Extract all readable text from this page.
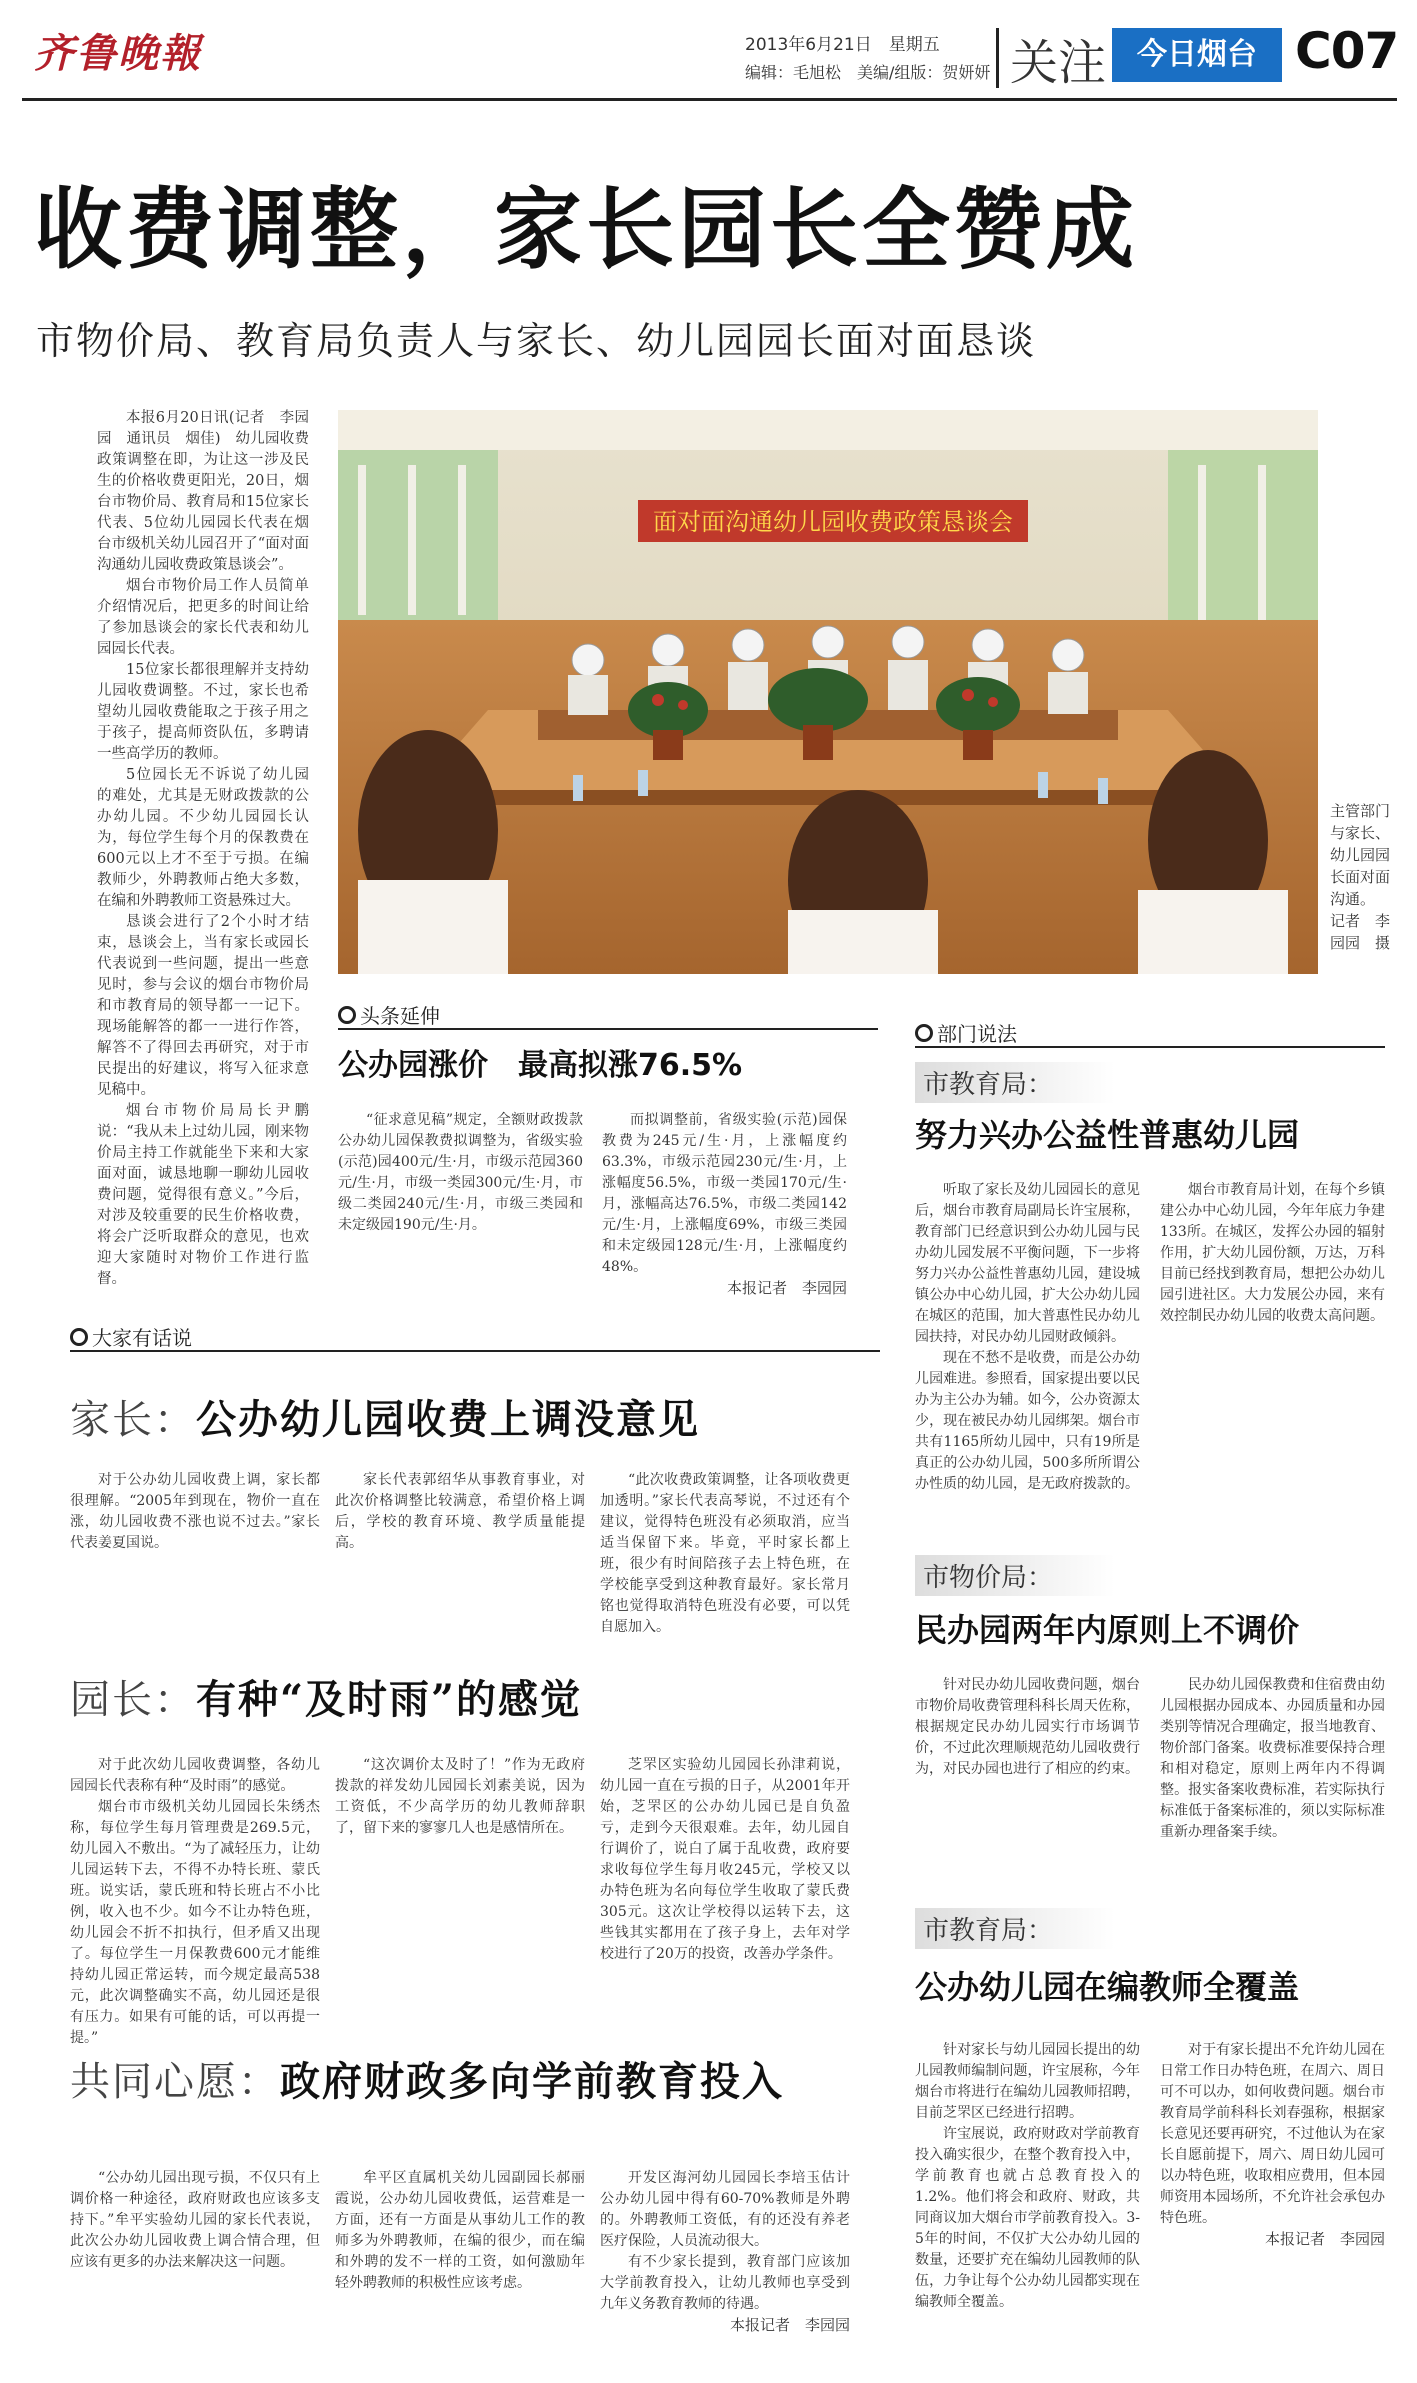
齐鲁晚報	2013年6月21日　星期五
编辑：毛旭松　美编/组版：贺妍妍 关注	今日烟台 C07
收费调整，家长园长全赞成
市物价局、教育局负责人与家长、幼儿园园长面对面恳谈

本报6月20日讯(记者　李园园　通讯员　烟佳)　幼儿园收费政策调整在即，为让这一涉及民生的价格收费更阳光，20日，烟台市物价局、教育局和15位家长代表、5位幼儿园园长代表在烟台市级机关幼儿园召开了“面对面沟通幼儿园收费政策恳谈会”。

烟台市物价局工作人员简单介绍情况后，把更多的时间让给了参加恳谈会的家长代表和幼儿园园长代表。

15位家长都很理解并支持幼儿园收费调整。不过，家长也希望幼儿园收费能取之于孩子用之于孩子，提高师资队伍，多聘请一些高学历的教师。

5位园长无不诉说了幼儿园的难处，尤其是无财政拨款的公办幼儿园。不少幼儿园园长认为，每位学生每个月的保教费在600元以上才不至于亏损。在编教师少，外聘教师占绝大多数，在编和外聘教师工资悬殊过大。

恳谈会进行了2个小时才结束，恳谈会上，当有家长或园长代表说到一些问题，提出一些意见时，参与会议的烟台市物价局和市教育局的领导都一一记下。现场能解答的都一一进行作答，解答不了得回去再研究，对于市民提出的好建议，将写入征求意见稿中。

烟台市物价局局长尹鹏说：“我从未上过幼儿园，刚来物价局主持工作就能坐下来和大家面对面，诚恳地聊一聊幼儿园收费问题，觉得很有意义。”今后，对涉及较重要的民生价格收费，将会广泛听取群众的意见，也欢迎大家随时对物价工作进行监督。

面对面沟通幼儿园收费政策恳谈会
主管部门与家长、幼儿园园长面对面沟通。　记者　李园园　摄
头条延伸
公办园涨价　最高拟涨76.5%

“征求意见稿”规定，全额财政拨款公办幼儿园保教费拟调整为，省级实验(示范)园400元/生·月，市级示范园360元/生·月，市级一类园300元/生·月，市级二类园240元/生·月，市级三类园和未定级园190元/生·月。

而拟调整前，省级实验(示范)园保教费为245元/生·月，上涨幅度约63.3%，市级示范园230元/生·月，上涨幅度56.5%，市级一类园170元/生·月，涨幅高达76.5%，市级二类园142元/生·月，上涨幅度69%，市级三类园和未定级园128元/生·月，上涨幅度约48%。

本报记者　李园园
大家有话说
家长：公办幼儿园收费上调没意见

对于公办幼儿园收费上调，家长都很理解。“2005年到现在，物价一直在涨，幼儿园收费不涨也说不过去。”家长代表姜夏国说。

家长代表郭绍华从事教育事业，对此次价格调整比较满意，希望价格上调后，学校的教育环境、教学质量能提高。

“此次收费政策调整，让各项收费更加透明。”家长代表高琴说，不过还有个建议，觉得特色班没有必须取消，应当适当保留下来。毕竟，平时家长都上班，很少有时间陪孩子去上特色班，在学校能享受到这种教育最好。家长常月铭也觉得取消特色班没有必要，可以凭自愿加入。

园长：有种“及时雨”的感觉

对于此次幼儿园收费调整，各幼儿园园长代表称有种“及时雨”的感觉。

烟台市市级机关幼儿园园长朱绣杰称，每位学生每月管理费是269.5元，幼儿园入不敷出。“为了减轻压力，让幼儿园运转下去，不得不办特长班、蒙氏班。说实话，蒙氏班和特长班占不小比例，收入也不少。如今不让办特色班，幼儿园会不折不扣执行，但矛盾又出现了。每位学生一月保教费600元才能维持幼儿园正常运转，而今规定最高538元，此次调整确实不高，幼儿园还是很有压力。如果有可能的话，可以再提一提。”

“这次调价太及时了！”作为无政府拨款的祥发幼儿园园长刘素美说，因为工资低，不少高学历的幼儿教师辞职了，留下来的寥寥几人也是感情所在。

芝罘区实验幼儿园园长孙津莉说，幼儿园一直在亏损的日子，从2001年开始，芝罘区的公办幼儿园已是自负盈亏，走到今天很艰难。去年，幼儿园自行调价了，说白了属于乱收费，政府要求收每位学生每月收245元，学校又以办特色班为名向每位学生收取了蒙氏费305元。这次让学校得以运转下去，这些钱其实都用在了孩子身上，去年对学校进行了20万的投资，改善办学条件。

共同心愿：政府财政多向学前教育投入

“公办幼儿园出现亏损，不仅只有上调价格一种途径，政府财政也应该多支持下。”牟平实验幼儿园的家长代表说，此次公办幼儿园收费上调合情合理，但应该有更多的办法来解决这一问题。

牟平区直属机关幼儿园副园长郝丽霞说，公办幼儿园收费低，运营难是一方面，还有一方面是从事幼儿工作的教师多为外聘教师，在编的很少，而在编和外聘的发不一样的工资，如何激励年轻外聘教师的积极性应该考虑。

开发区海河幼儿园园长李培玉估计公办幼儿园中得有60-70%教师是外聘的。外聘教师工资低，有的还没有养老医疗保险，人员流动很大。

有不少家长提到，教育部门应该加大学前教育投入，让幼儿教师也享受到九年义务教育教师的待遇。

本报记者　李园园
部门说法
市教育局：
努力兴办公益性普惠幼儿园

听取了家长及幼儿园园长的意见后，烟台市教育局副局长许宝展称，教育部门已经意识到公办幼儿园与民办幼儿园发展不平衡问题，下一步将努力兴办公益性普惠幼儿园，建设城镇公办中心幼儿园，扩大公办幼儿园在城区的范围，加大普惠性民办幼儿园扶持，对民办幼儿园财政倾斜。

现在不愁不是收费，而是公办幼儿园难进。参照看，国家提出要以民办为主公办为辅。如今，公办资源太少，现在被民办幼儿园绑架。烟台市共有1165所幼儿园中，只有19所是真正的公办幼儿园，500多所所谓公办性质的幼儿园，是无政府拨款的。

烟台市教育局计划，在每个乡镇建公办中心幼儿园，今年年底力争建133所。在城区，发挥公办园的辐射作用，扩大幼儿园份额，万达，万科目前已经找到教育局，想把公办幼儿园引进社区。大力发展公办园，来有效控制民办幼儿园的收费太高问题。

市物价局：
民办园两年内原则上不调价

针对民办幼儿园收费问题，烟台市物价局收费管理科科长周天佐称，根据规定民办幼儿园实行市场调节价，不过此次理顺规范幼儿园收费行为，对民办园也进行了相应的约束。

民办幼儿园保教费和住宿费由幼儿园根据办园成本、办园质量和办园类别等情况合理确定，报当地教育、物价部门备案。收费标准要保持合理和相对稳定，原则上两年内不得调整。报实备案收费标准，若实际执行标准低于备案标准的，须以实际标准重新办理备案手续。

市教育局：
公办幼儿园在编教师全覆盖

针对家长与幼儿园园长提出的幼儿园教师编制问题，许宝展称，今年烟台市将进行在编幼儿园教师招聘，目前芝罘区已经进行招聘。

许宝展说，政府财政对学前教育投入确实很少，在整个教育投入中，学前教育也就占总教育投入的1.2%。他们将会和政府、财政，共同商议加大烟台市学前教育投入。3-5年的时间，不仅扩大公办幼儿园的数量，还要扩充在编幼儿园教师的队伍，力争让每个公办幼儿园都实现在编教师全覆盖。

对于有家长提出不允许幼儿园在日常工作日办特色班，在周六、周日可不可以办，如何收费问题。烟台市教育局学前科科长刘春强称，根据家长意见还要再研究，不过他认为在家长自愿前提下，周六、周日幼儿园可以办特色班，收取相应费用，但本园师资用本园场所，不允许社会承包办特色班。

本报记者　李园园
